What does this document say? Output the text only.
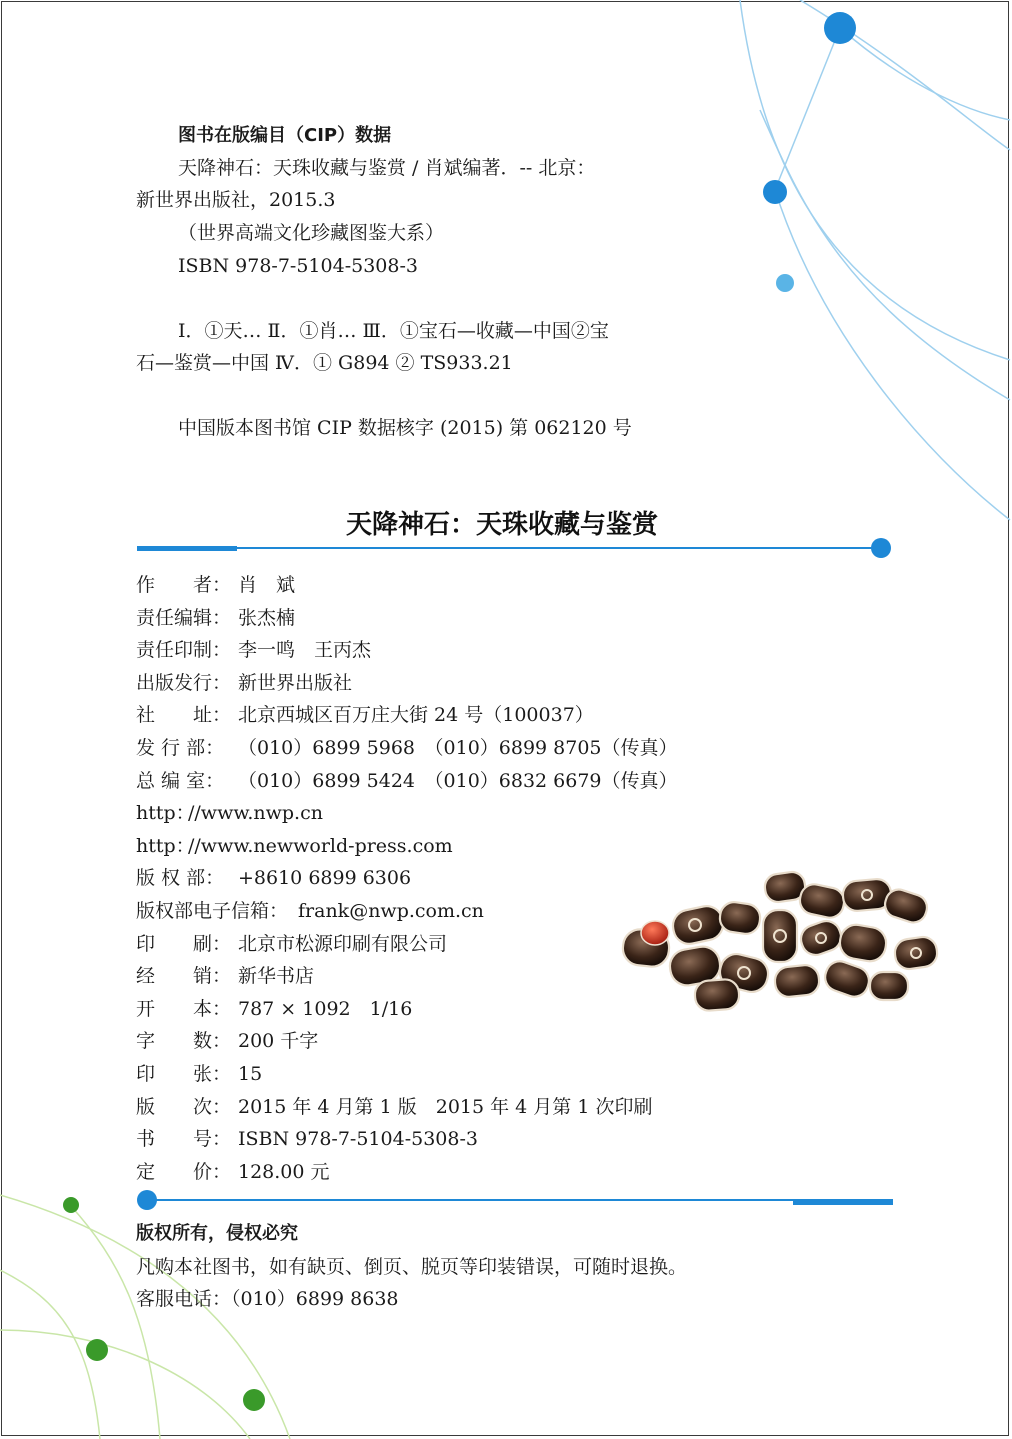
图书在版编目（CIP）数据
天降神石：天珠收藏与鉴赏 / 肖斌编著．-- 北京：
新世界出版社，2015.3
（世界高端文化珍藏图鉴大系）
ISBN 978-7-5104-5308-3
Ⅰ．①天… Ⅱ．①肖… Ⅲ．①宝石—收藏—中国②宝
石—鉴赏—中国 Ⅳ．① G894 ② TS933.21
中国版本图书馆 CIP 数据核字 (2015) 第 062120 号
天降神石：天珠收藏与鉴赏
作　　者： 肖　斌
责任编辑： 张杰楠
责任印制： 李一鸣　王丙杰
出版发行： 新世界出版社
社　　址： 北京西城区百万庄大街 24 号（100037）
发 行 部： （010）6899 5968　（010）6899 8705（传真）
总 编 室： （010）6899 5424　（010）6832 6679（传真）
http：
//www.nwp.cn
http：
//www.newworld-press.com
版 权 部： +8610 6899 6306
版权部电子信箱： frank@nwp.com.cn
印　　刷： 北京市松源印刷有限公司
经　　销： 新华书店
开　　本： 787 × 1092　1/16
字　　数： 200 千字
印　　张： 15
版　　次： 2015 年 4 月第 1 版　2015 年 4 月第 1 次印刷
书　　号： ISBN 978-7-5104-5308-3
定　　价： 128.00 元
版权所有，侵权必究
凡购本社图书，如有缺页、倒页、脱页等印装错误，可随时退换。
客服电话：（010）6899 8638
